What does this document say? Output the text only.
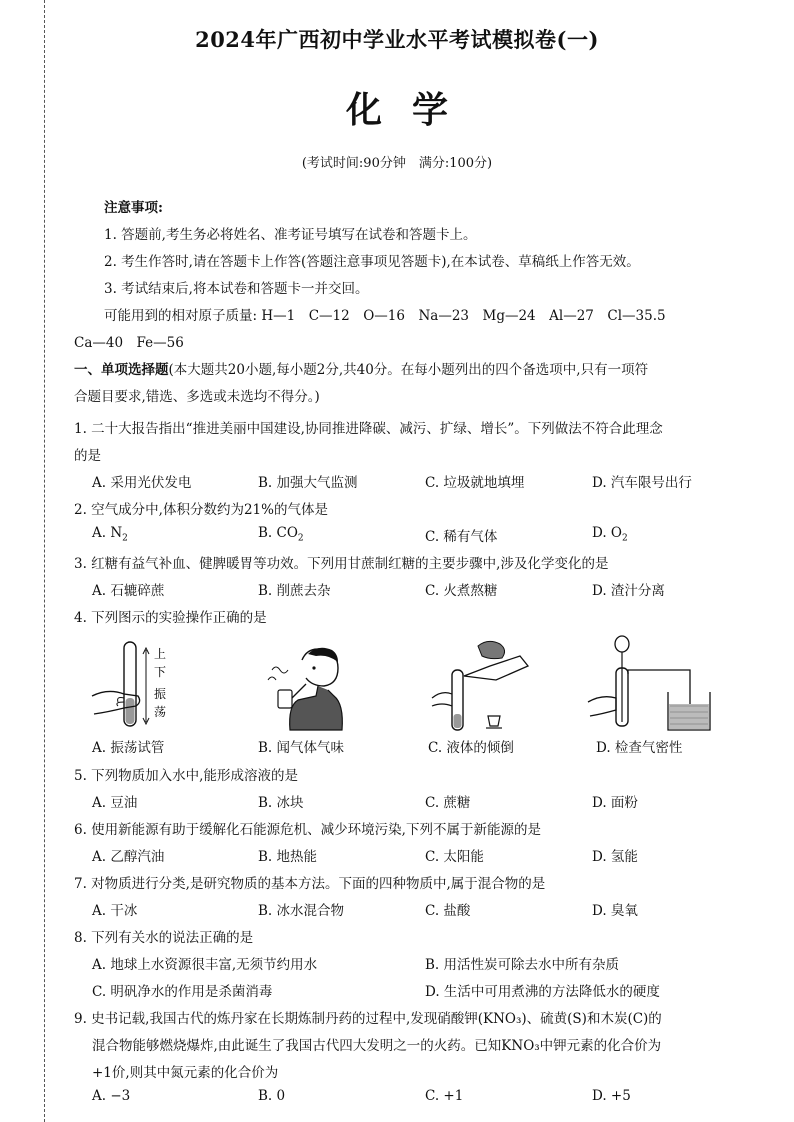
2024年广西初中学业水平考试模拟卷(一)
化学
(考试时间:90分钟　满分:100分)
注意事项:
1. 答题前,考生务必将姓名、准考证号填写在试卷和答题卡上。
2. 考生作答时,请在答题卡上作答(答题注意事项见答题卡),在本试卷、草稿纸上作答无效。
3. 考试结束后,将本试卷和答题卡一并交回。
可能用到的相对原子质量: H—1　C—12　O—16　Na—23　Mg—24　Al—27　Cl—35.5
Ca—40　Fe—56
一、单项选择题(本大题共20小题,每小题2分,共40分。在每小题列出的四个备选项中,只有一项符
合题目要求,错选、多选或未选均不得分。)
1. 二十大报告指出“推进美丽中国建设,协同推进降碳、减污、扩绿、增长”。下列做法不符合此理念
的是
A. 采用光伏发电	B. 加强大气监测	C. 垃圾就地填埋	D. 汽车限号出行
2. 空气成分中,体积分数约为21%的气体是
A. $N_2$	B. $CO_2$	C. 稀有气体	D. $O_2$
3. 红糖有益气补血、健脾暖胃等功效。下列用甘蔗制红糖的主要步骤中,涉及化学变化的是
A. 石辘碎蔗	B. 削蔗去杂	C. 火煮熬糖	D. 渣汁分离
4. 下列图示的实验操作正确的是
上
下
振
荡
A. 振荡试管	B. 闻气体气味	C. 液体的倾倒	D. 检查气密性
5. 下列物质加入水中,能形成溶液的是
A. 豆油	B. 冰块	C. 蔗糖	D. 面粉
6. 使用新能源有助于缓解化石能源危机、减少环境污染,下列不属于新能源的是
A. 乙醇汽油	B. 地热能	C. 太阳能	D. 氢能
7. 对物质进行分类,是研究物质的基本方法。下面的四种物质中,属于混合物的是
A. 干冰	B. 冰水混合物	C. 盐酸	D. 臭氧
8. 下列有关水的说法正确的是
A. 地球上水资源很丰富,无须节约用水	B. 用活性炭可除去水中所有杂质
C. 明矾净水的作用是杀菌消毒	D. 生活中可用煮沸的方法降低水的硬度
9. 史书记载,我国古代的炼丹家在长期炼制丹药的过程中,发现硝酸钾(KNO₃)、硫黄(S)和木炭(C)的
混合物能够燃烧爆炸,由此诞生了我国古代四大发明之一的火药。已知KNO₃中钾元素的化合价为
+1价,则其中氮元素的化合价为
A. −3	B. 0	C. +1	D. +5
